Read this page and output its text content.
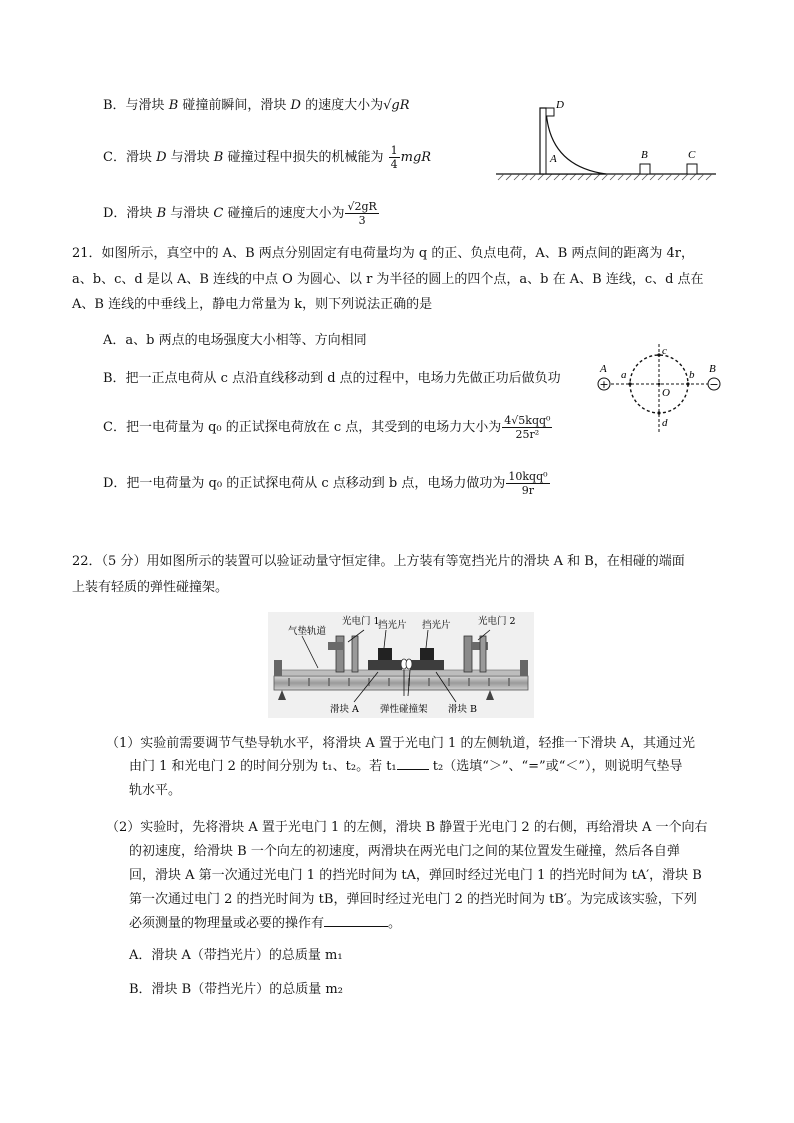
B．与滑块 B 碰撞前瞬间，滑块 D 的速度大小为√gR
C．滑块 D 与滑块 B 碰撞过程中损失的机械能为 $\frac{1}{4}$ mgR
D．滑块 B 与滑块 C 碰撞后的速度大小为 $\frac{√2gR}{3}$
D
A	B	C
21．如图所示，真空中的 A、B 两点分别固定有电荷量均为 q 的正、负点电荷，A、B 两点间的距离为 4r，
a、b、c、d 是以 A、B 连线的中点 O 为圆心、以 r 为半径的圆上的四个点，a、b 在 A、B 连线，c、d 点在
A、B 连线的中垂线上，静电力常量为 k，则下列说法正确的是
A．a、b 两点的电场强度大小相等、方向相同
B．把一正点电荷从 c 点沿直线移动到 d 点的过程中，电场力先做正功后做负功
C．把一电荷量为 q₀ 的正试探电荷放在 c 点，其受到的电场力大小为 $\frac{\text{4√5kqq⁰}}{\text{25r²}}$
D．把一电荷量为 q₀ 的正试探电荷从 c 点移动到 b 点，电场力做功为 $\frac{\text{10kqq⁰}}{9r}$
+	−
A	B
a	b
c
d
O
22．（5 分）用如图所示的装置可以验证动量守恒定律。上方装有等宽挡光片的滑块 A 和 B，在相碰的端面
上装有轻质的弹性碰撞架。
气垫轨道
光电门 1
挡光片 挡光片	光电门 2
滑块 A 弹性碰撞架 滑块 B
（1）实验前需要调节气垫导轨水平，将滑块 A 置于光电门 1 的左侧轨道，轻推一下滑块 A，其通过光
由门 1 和光电门 2 的时间分别为 t₁、t₂。若 t₁ t₂（选填“＞”、“=”或“＜”），则说明气垫导
轨水平。
（2）实验时，先将滑块 A 置于光电门 1 的左侧，滑块 B 静置于光电门 2 的右侧，再给滑块 A 一个向右
的初速度，给滑块 B 一个向左的初速度，两滑块在两光电门之间的某位置发生碰撞，然后各自弹
回，滑块 A 第一次通过光电门 1 的挡光时间为 tA，弹回时经过光电门 1 的挡光时间为 tA′，滑块 B
第一次通过电门 2 的挡光时间为 tB，弹回时经过光电门 2 的挡光时间为 tB′。为完成该实验，下列
必须测量的物理量或必要的操作有	。
A．滑块 A（带挡光片）的总质量 m₁
B．滑块 B（带挡光片）的总质量 m₂
